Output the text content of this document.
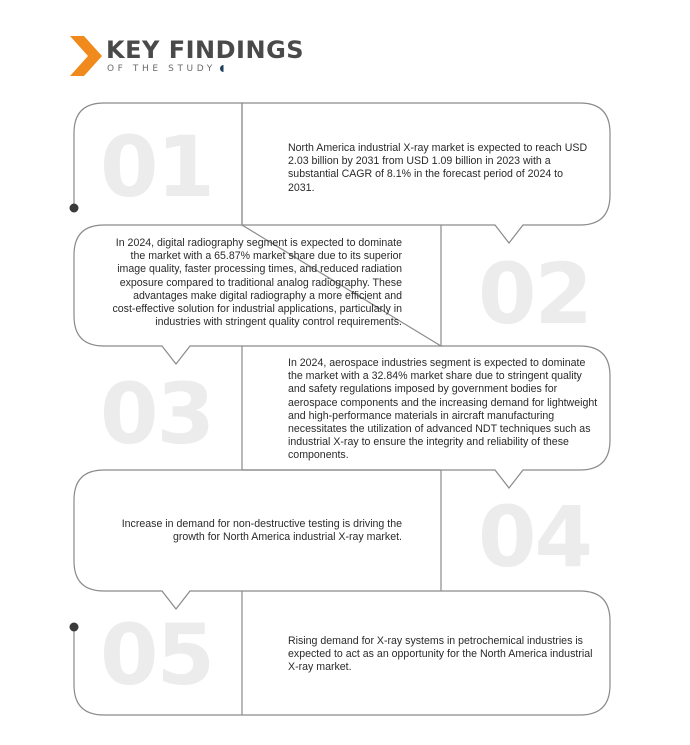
KEY FINDINGS
OF THE STUDY
01	North America industrial X-ray market is expected to reach USD 2.03 billion by 2031 from USD 1.09 billion in 2023 with a substantial CAGR of 8.1% in the forecast period of 2024 to 2031.
02
In 2024, digital radiography segment is expected to dominate the market with a 65.87% market share due to its superior image quality, faster processing times, and reduced radiation exposure compared to traditional analog radiography. These advantages make digital radiography a more efficient and cost-effective solution for industrial applications, particularly in industries with stringent quality control requirements.
03
In 2024, aerospace industries segment is expected to dominate the market with a 32.84% market share due to stringent quality and safety regulations imposed by government bodies for aerospace components and the increasing demand for lightweight and high-performance materials in aircraft manufacturing necessitates the utilization of advanced NDT techniques such as industrial X-ray to ensure the integrity and reliability of these components.
04
Increase in demand for non-destructive testing is driving the growth for North America industrial X-ray market.
05	Rising demand for X-ray systems in petrochemical industries is expected to act as an opportunity for the North America industrial X-ray market.
